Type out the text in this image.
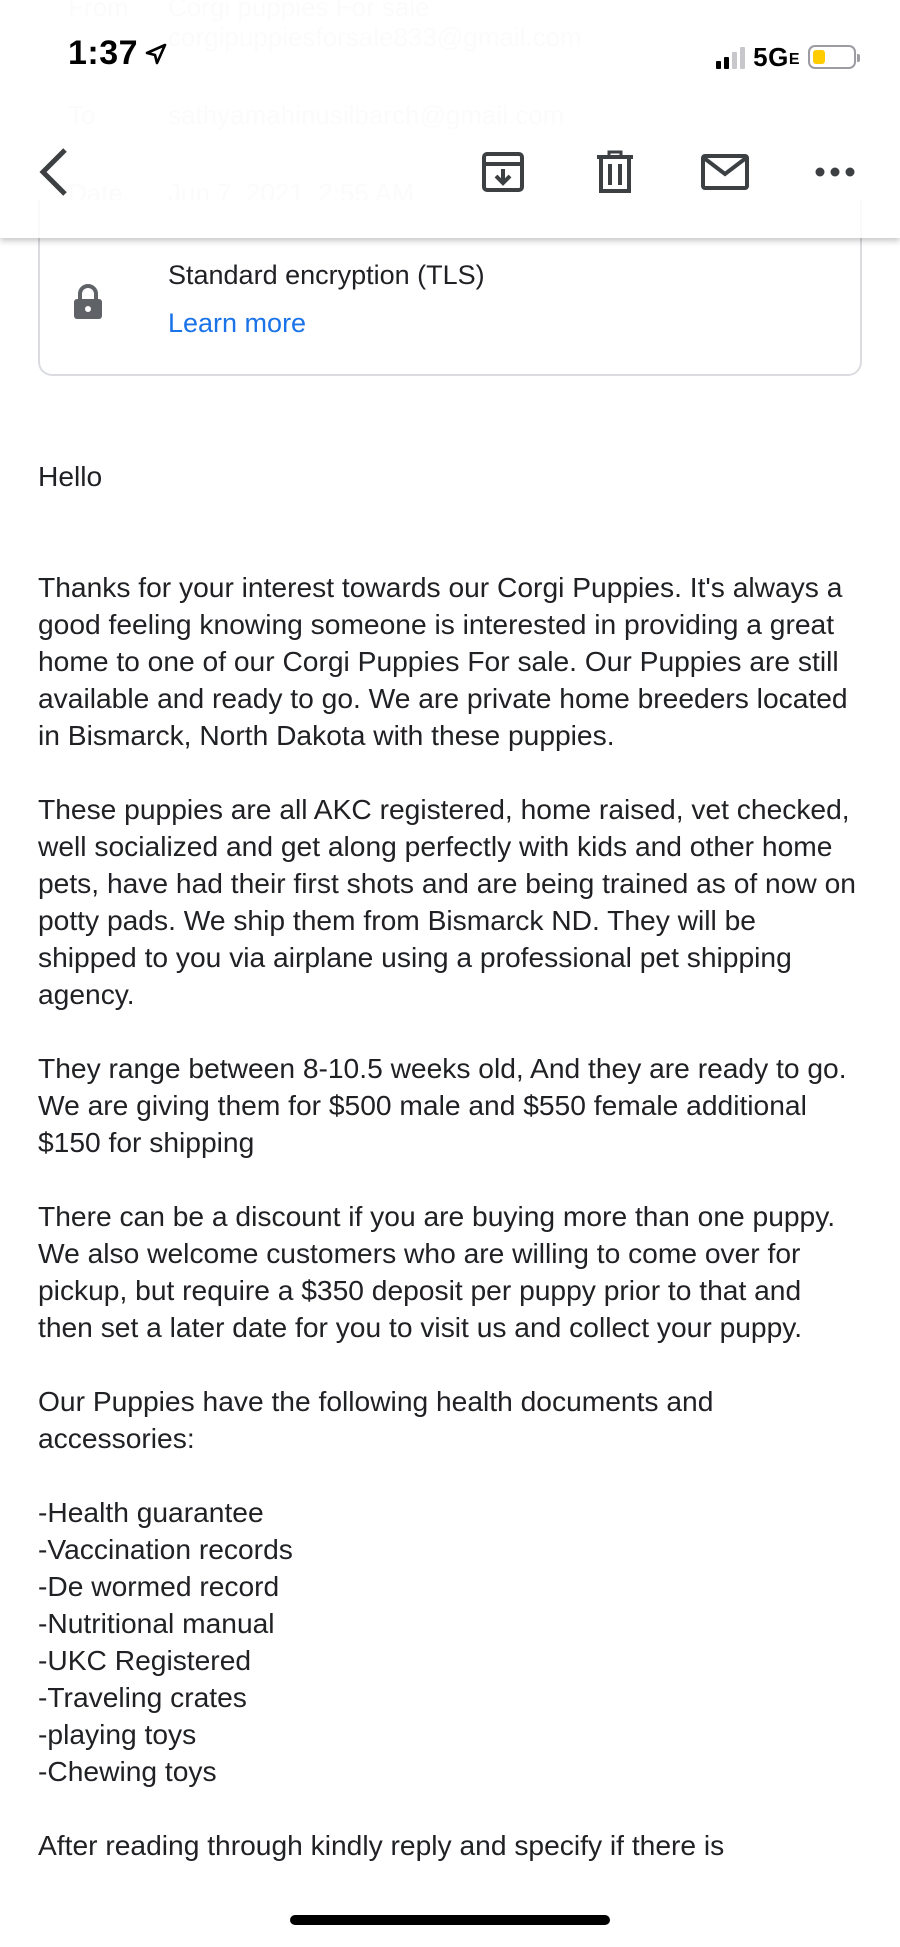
Standard encryption (TLS)
Learn more
1:37	5GE

Hello

Thanks for your interest towards our Corgi Puppies. It's always a good feeling knowing someone is interested in providing a great home to one of our Corgi Puppies For sale. Our Puppies are still available and ready to go. We are private home breeders located in Bismarck, North Dakota with these puppies.

These puppies are all AKC registered, home raised, vet checked, well socialized and get along perfectly with kids and other home pets, have had their first shots and are being trained as of now on potty pads. We ship them from Bismarck ND. They will be shipped to you via airplane using a professional pet shipping agency.

They range between 8-10.5 weeks old, And they are ready to go. We are giving them for $500 male and $550 female additional $150 for shipping

There can be a discount if you are buying more than one puppy. We also welcome customers who are willing to come over for pickup, but require a $350 deposit per puppy prior to that and then set a later date for you to visit us and collect your puppy.

Our Puppies have the following health documents and accessories:

-Health guarantee
-Vaccination records
-De wormed record
-Nutritional manual
-UKC Registered
-Traveling crates
-playing toys
-Chewing toys

After reading through kindly reply and specify if there is
